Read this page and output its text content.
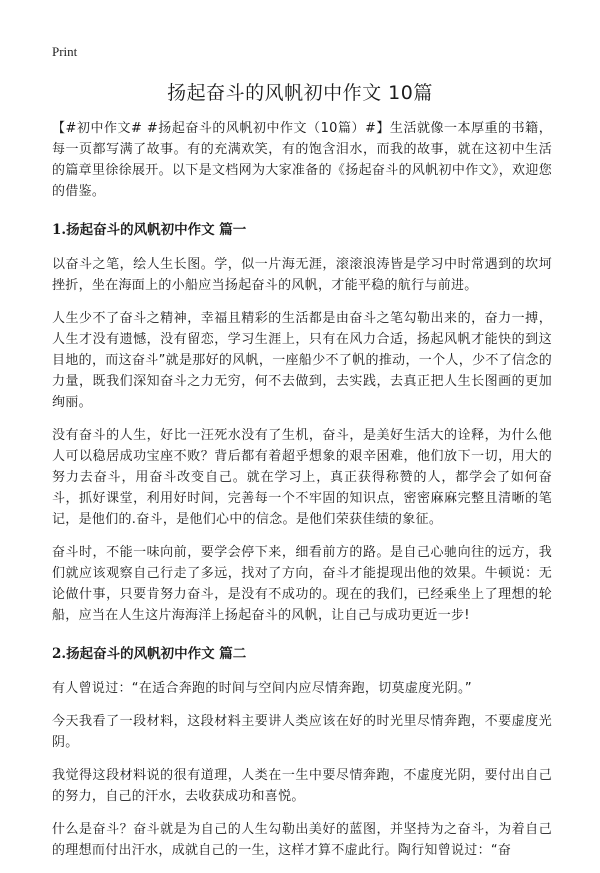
Print
扬起奋斗的风帆初中作文 10篇

【#初中作文# #扬起奋斗的风帆初中作文（10篇）#】生活就像一本厚重的书籍，每一页都写满了故事。有的充满欢笑，有的饱含泪水，而我的故事，就在这初中生活的篇章里徐徐展开。以下是文档网为大家准备的《扬起奋斗的风帆初中作文》，欢迎您的借鉴。

1.扬起奋斗的风帆初中作文 篇一

以奋斗之笔，绘人生长图。学，似一片海无涯，滚滚浪涛皆是学习中时常遇到的坎坷挫折，坐在海面上的小船应当扬起奋斗的风帆，才能平稳的航行与前进。

人生少不了奋斗之精神，幸福且精彩的生活都是由奋斗之笔勾勒出来的，奋力一搏，人生才没有遗憾，没有留恋，学习生涯上，只有在风力合适，扬起风帆才能快的到这目地的，而这奋斗”就是那好的风帆，一座船少不了帆的推动，一个人，少不了信念的力量，既我们深知奋斗之力无穷，何不去做到，去实践，去真正把人生长图画的更加绚丽。

没有奋斗的人生，好比一汪死水没有了生机，奋斗，是美好生活大的诠释，为什么他人可以稳居成功宝座不败？背后都有着超乎想象的艰辛困难，他们放下一切，用大的努力去奋斗，用奋斗改变自己。就在学习上，真正获得称赞的人，都学会了如何奋斗，抓好课堂，利用好时间，完善每一个不牢固的知识点，密密麻麻完整且清晰的笔记，是他们的.奋斗，是他们心中的信念。是他们荣获佳绩的象征。

奋斗时，不能一味向前，要学会停下来，细看前方的路。是自己心驰向往的远方，我们就应该观察自己行走了多远，找对了方向，奋斗才能提现出他的效果。牛顿说：无论做什事，只要肯努力奋斗，是没有不成功的。现在的我们，已经乘坐上了理想的轮船，应当在人生这片海海洋上扬起奋斗的风帆，让自己与成功更近一步!

2.扬起奋斗的风帆初中作文 篇二

有人曾说过：“在适合奔跑的时间与空间内应尽情奔跑，切莫虚度光阴。”

今天我看了一段材料，这段材料主要讲人类应该在好的时光里尽情奔跑，不要虚度光阴。

我觉得这段材料说的很有道理，人类在一生中要尽情奔跑，不虚度光阴，要付出自己的努力，自己的汗水，去收获成功和喜悦。

什么是奋斗？奋斗就是为自己的人生勾勒出美好的蓝图，并坚持为之奋斗，为着自己的理想而付出汗水，成就自己的一生，这样才算不虚此行。陶行知曾说过：“奋
